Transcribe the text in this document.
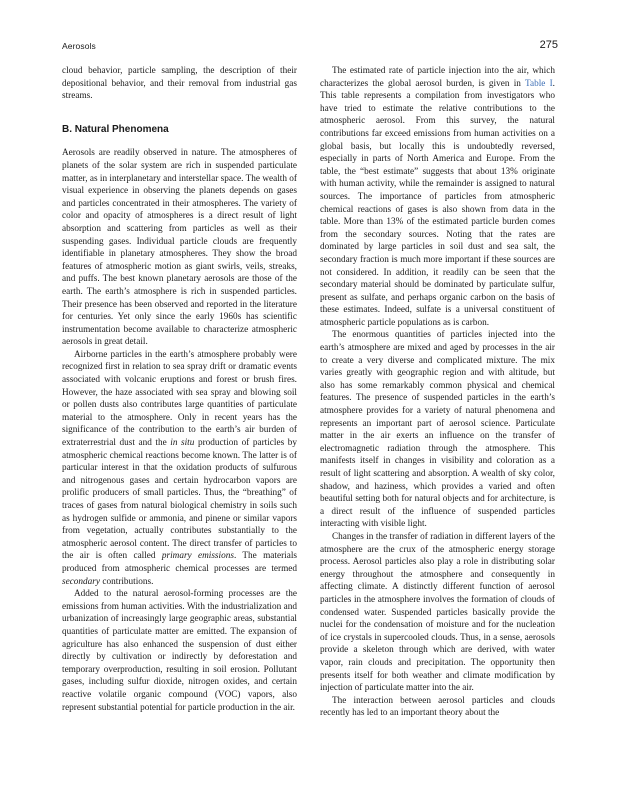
Aerosols	275

cloud behavior, particle sampling, the description of their depositional behavior, and their removal from industrial gas streams.

B. Natural Phenomena

Aerosols are readily observed in nature. The atmospheres of planets of the solar system are rich in suspended particulate matter, as in interplanetary and interstellar space. The wealth of visual experience in observing the planets depends on gases and particles concentrated in their atmospheres. The variety of color and opacity of atmospheres is a direct result of light absorption and scattering from particles as well as their suspending gases. Individual particle clouds are frequently identifiable in planetary atmospheres. They show the broad features of atmospheric motion as giant swirls, veils, streaks, and puffs. The best known planetary aerosols are those of the earth. The earth’s atmosphere is rich in suspended particles. Their presence has been observed and reported in the literature for centuries. Yet only since the early 1960s has scientific instrumentation become available to characterize atmospheric aerosols in great detail.

Airborne particles in the earth’s atmosphere probably were recognized first in relation to sea spray drift or dramatic events associated with volcanic eruptions and forest or brush fires. However, the haze associated with sea spray and blowing soil or pollen dusts also contributes large quantities of particulate material to the atmosphere. Only in recent years has the significance of the contribution to the earth’s air burden of extraterrestrial dust and the in situ production of particles by atmospheric chemical reactions become known. The latter is of particular interest in that the oxidation products of sulfurous and nitrogenous gases and certain hydrocarbon vapors are prolific producers of small particles. Thus, the “breathing” of traces of gases from natural biological chemistry in soils such as hydrogen sulfide or ammonia, and pinene or similar vapors from vegetation, actually contributes substantially to the atmospheric aerosol content. The direct transfer of particles to the air is often called primary emissions. The materials produced from atmospheric chemical processes are termed secondary contributions.

Added to the natural aerosol-forming processes are the emissions from human activities. With the industrialization and urbanization of increasingly large geographic areas, substantial quantities of particulate matter are emitted. The expansion of agriculture has also enhanced the suspension of dust either directly by cultivation or indirectly by deforestation and temporary overproduction, resulting in soil erosion. Pollutant gases, including sulfur dioxide, nitrogen oxides, and certain reactive volatile organic compound (VOC) vapors, also represent substantial potential for particle production in the air.

The estimated rate of particle injection into the air, which characterizes the global aerosol burden, is given in Table I. This table represents a compilation from investigators who have tried to estimate the relative contributions to the atmospheric aerosol. From this survey, the natural contributions far exceed emissions from human activities on a global basis, but locally this is undoubtedly reversed, especially in parts of North America and Europe. From the table, the “best estimate” suggests that about 13% originate with human activity, while the remainder is assigned to natural sources. The importance of particles from atmospheric chemical reactions of gases is also shown from data in the table. More than 13% of the estimated particle burden comes from the secondary sources. Noting that the rates are dominated by large particles in soil dust and sea salt, the secondary fraction is much more important if these sources are not considered. In addition, it readily can be seen that the secondary material should be dominated by particulate sulfur, present as sulfate, and perhaps organic carbon on the basis of these estimates. Indeed, sulfate is a universal constituent of atmospheric particle populations as is carbon.

The enormous quantities of particles injected into the earth’s atmosphere are mixed and aged by processes in the air to create a very diverse and complicated mixture. The mix varies greatly with geographic region and with altitude, but also has some remarkably common physical and chemical features. The presence of suspended particles in the earth’s atmosphere provides for a variety of natural phenomena and represents an important part of aerosol science. Particulate matter in the air exerts an influence on the transfer of electromagnetic radiation through the atmosphere. This manifests itself in changes in visibility and coloration as a result of light scattering and absorption. A wealth of sky color, shadow, and haziness, which provides a varied and often beautiful setting both for natural objects and for architecture, is a direct result of the influence of suspended particles interacting with visible light.

Changes in the transfer of radiation in different layers of the atmosphere are the crux of the atmospheric energy storage process. Aerosol particles also play a role in distributing solar energy throughout the atmosphere and consequently in affecting climate. A distinctly different function of aerosol particles in the atmosphere involves the formation of clouds of condensed water. Suspended particles basically provide the nuclei for the condensation of moisture and for the nucleation of ice crystals in supercooled clouds. Thus, in a sense, aerosols provide a skeleton through which are derived, with water vapor, rain clouds and precipitation. The opportunity then presents itself for both weather and climate modification by injection of particulate matter into the air.

The interaction between aerosol particles and clouds recently has led to an important theory about the
